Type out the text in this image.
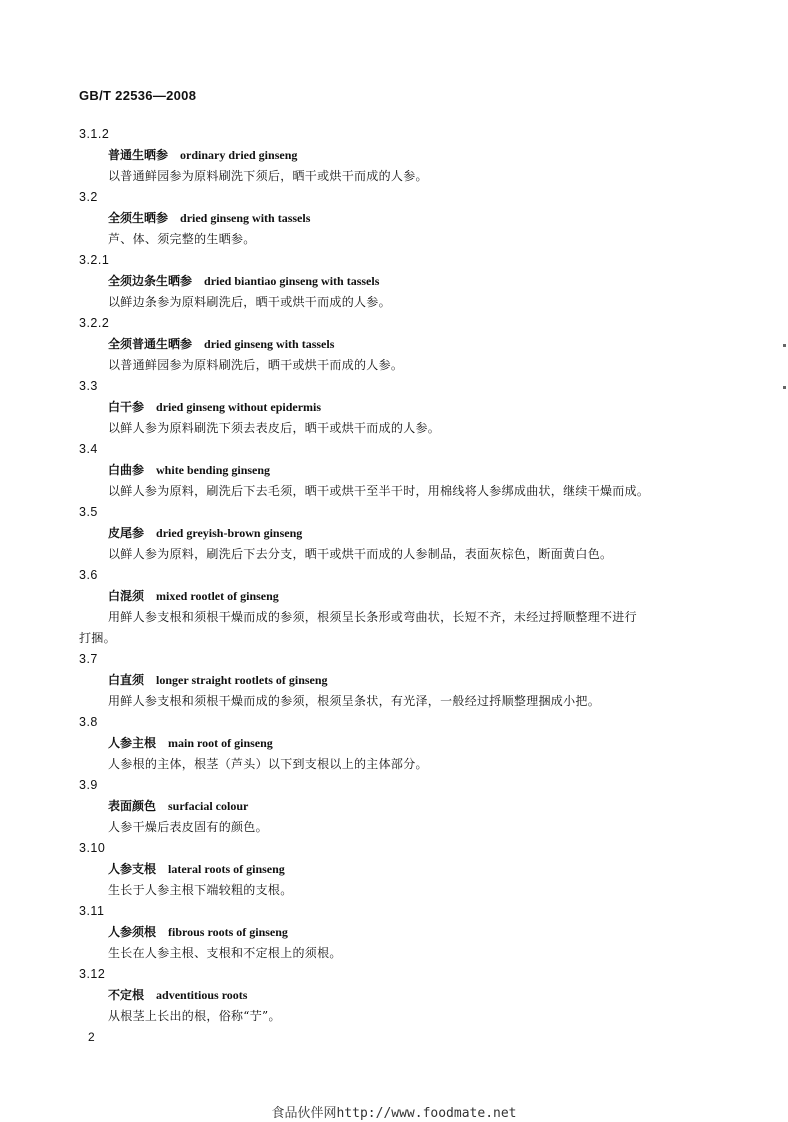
GB/T 22536—2008
3.1.2
普通生晒参 ordinary dried ginseng
以普通鲜园参为原料刷洗下须后，晒干或烘干而成的人参。
3.2
全须生晒参 dried ginseng with tassels
芦、体、须完整的生晒参。
3.2.1
全须边条生晒参 dried biantiao ginseng with tassels
以鲜边条参为原料刷洗后，晒干或烘干而成的人参。
3.2.2
全须普通生晒参 dried ginseng with tassels
以普通鲜园参为原料刷洗后，晒干或烘干而成的人参。
3.3
白干参 dried ginseng without epidermis
以鲜人参为原料刷洗下须去表皮后，晒干或烘干而成的人参。
3.4
白曲参 white bending ginseng
以鲜人参为原料，刷洗后下去毛须，晒干或烘干至半干时，用棉线将人参绑成曲状，继续干燥而成。
3.5
皮尾参 dried greyish-brown ginseng
以鲜人参为原料，刷洗后下去分支，晒干或烘干而成的人参制品，表面灰棕色，断面黄白色。
3.6
白混须 mixed rootlet of ginseng
用鲜人参支根和须根干燥而成的参须，根须呈长条形或弯曲状，长短不齐，未经过捋顺整理不进行
打捆。
3.7
白直须 longer straight rootlets of ginseng
用鲜人参支根和须根干燥而成的参须，根须呈条状，有光泽，一般经过捋顺整理捆成小把。
3.8
人参主根 main root of ginseng
人参根的主体，根茎（芦头）以下到支根以上的主体部分。
3.9
表面颜色 surfacial colour
人参干燥后表皮固有的颜色。
3.10
人参支根 lateral roots of ginseng
生长于人参主根下端较粗的支根。
3.11
人参须根 fibrous roots of ginseng
生长在人参主根、支根和不定根上的须根。
3.12
不定根 adventitious roots
从根茎上长出的根，俗称“艼”。
2
食品伙伴网http://www.foodmate.net
